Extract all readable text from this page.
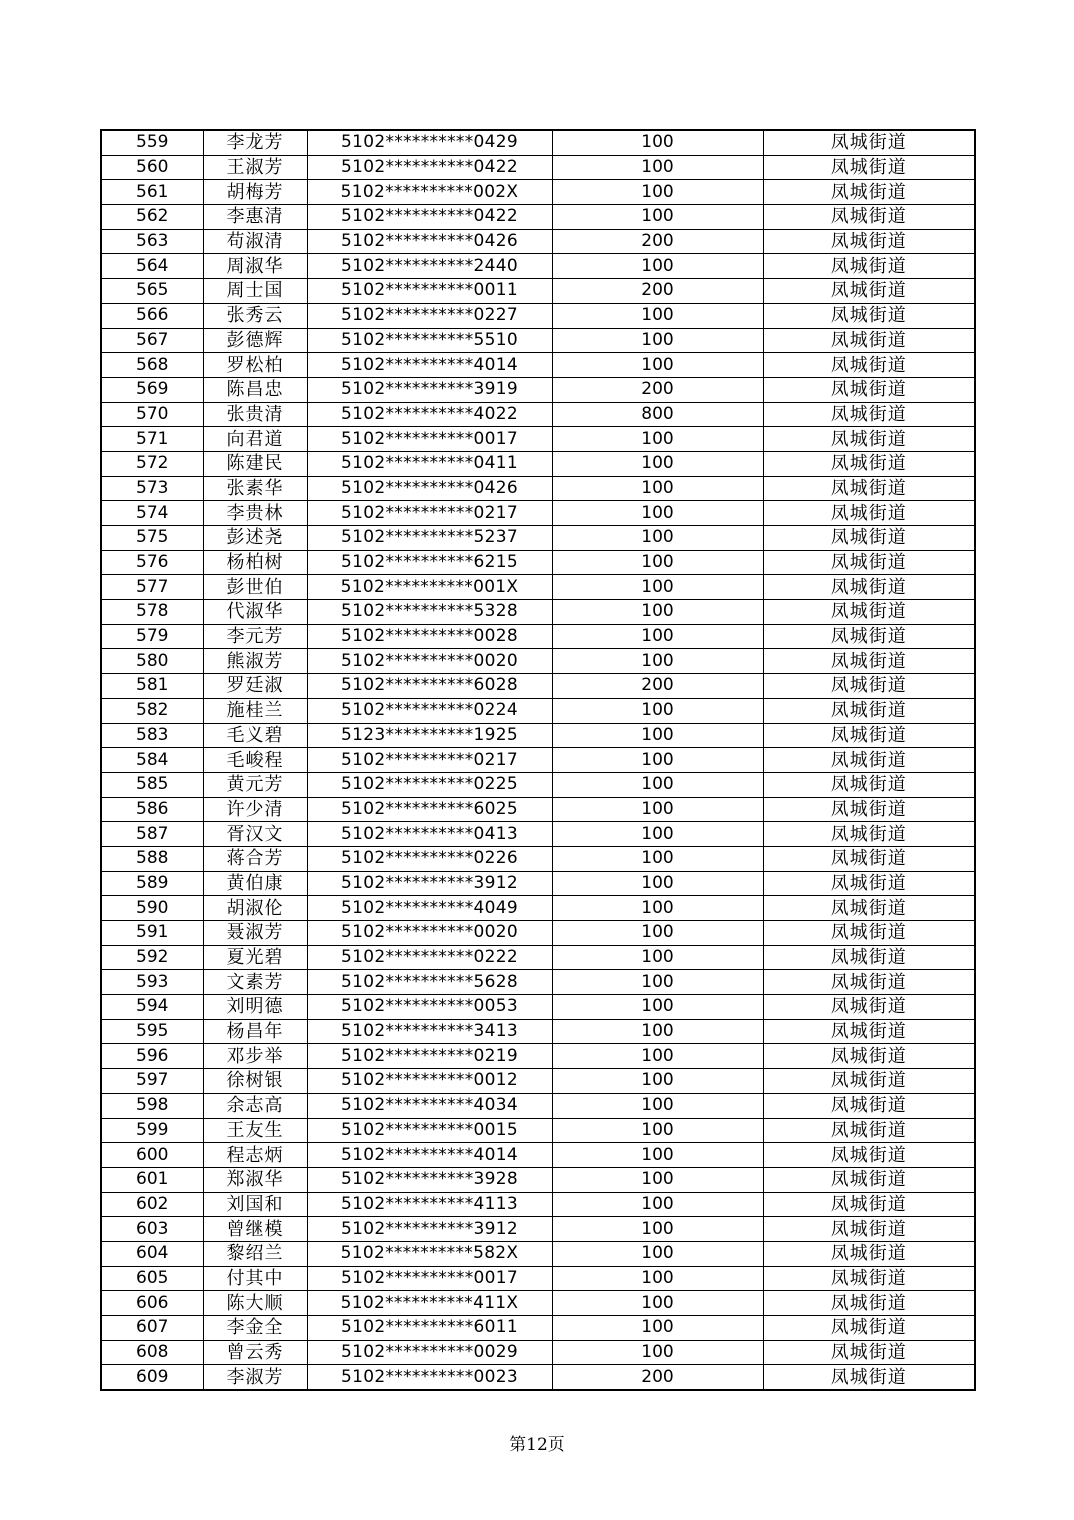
559	李龙芳	5102**********0429	100	凤城街道
560	王淑芳	5102**********0422	100	凤城街道
561	胡梅芳	5102**********002X	100	凤城街道
562	李惠清	5102**********0422	100	凤城街道
563	苟淑清	5102**********0426	200	凤城街道
564	周淑华	5102**********2440	100	凤城街道
565	周士国	5102**********0011	200	凤城街道
566	张秀云	5102**********0227	100	凤城街道
567	彭德辉	5102**********5510	100	凤城街道
568	罗松柏	5102**********4014	100	凤城街道
569	陈昌忠	5102**********3919	200	凤城街道
570	张贵清	5102**********4022	800	凤城街道
571	向君道	5102**********0017	100	凤城街道
572	陈建民	5102**********0411	100	凤城街道
573	张素华	5102**********0426	100	凤城街道
574	李贵林	5102**********0217	100	凤城街道
575	彭述尧	5102**********5237	100	凤城街道
576	杨柏树	5102**********6215	100	凤城街道
577	彭世伯	5102**********001X	100	凤城街道
578	代淑华	5102**********5328	100	凤城街道
579	李元芳	5102**********0028	100	凤城街道
580	熊淑芳	5102**********0020	100	凤城街道
581	罗廷淑	5102**********6028	200	凤城街道
582	施桂兰	5102**********0224	100	凤城街道
583	毛义碧	5123**********1925	100	凤城街道
584	毛峻程	5102**********0217	100	凤城街道
585	黄元芳	5102**********0225	100	凤城街道
586	许少清	5102**********6025	100	凤城街道
587	胥汉文	5102**********0413	100	凤城街道
588	蒋合芳	5102**********0226	100	凤城街道
589	黄伯康	5102**********3912	100	凤城街道
590	胡淑伦	5102**********4049	100	凤城街道
591	聂淑芳	5102**********0020	100	凤城街道
592	夏光碧	5102**********0222	100	凤城街道
593	文素芳	5102**********5628	100	凤城街道
594	刘明德	5102**********0053	100	凤城街道
595	杨昌年	5102**********3413	100	凤城街道
596	邓步举	5102**********0219	100	凤城街道
597	徐树银	5102**********0012	100	凤城街道
598	余志高	5102**********4034	100	凤城街道
599	王友生	5102**********0015	100	凤城街道
600	程志炳	5102**********4014	100	凤城街道
601	郑淑华	5102**********3928	100	凤城街道
602	刘国和	5102**********4113	100	凤城街道
603	曾继模	5102**********3912	100	凤城街道
604	黎绍兰	5102**********582X	100	凤城街道
605	付其中	5102**********0017	100	凤城街道
606	陈大顺	5102**********411X	100	凤城街道
607	李金全	5102**********6011	100	凤城街道
608	曾云秀	5102**********0029	100	凤城街道
609	李淑芳	5102**********0023	200	凤城街道
第12页
